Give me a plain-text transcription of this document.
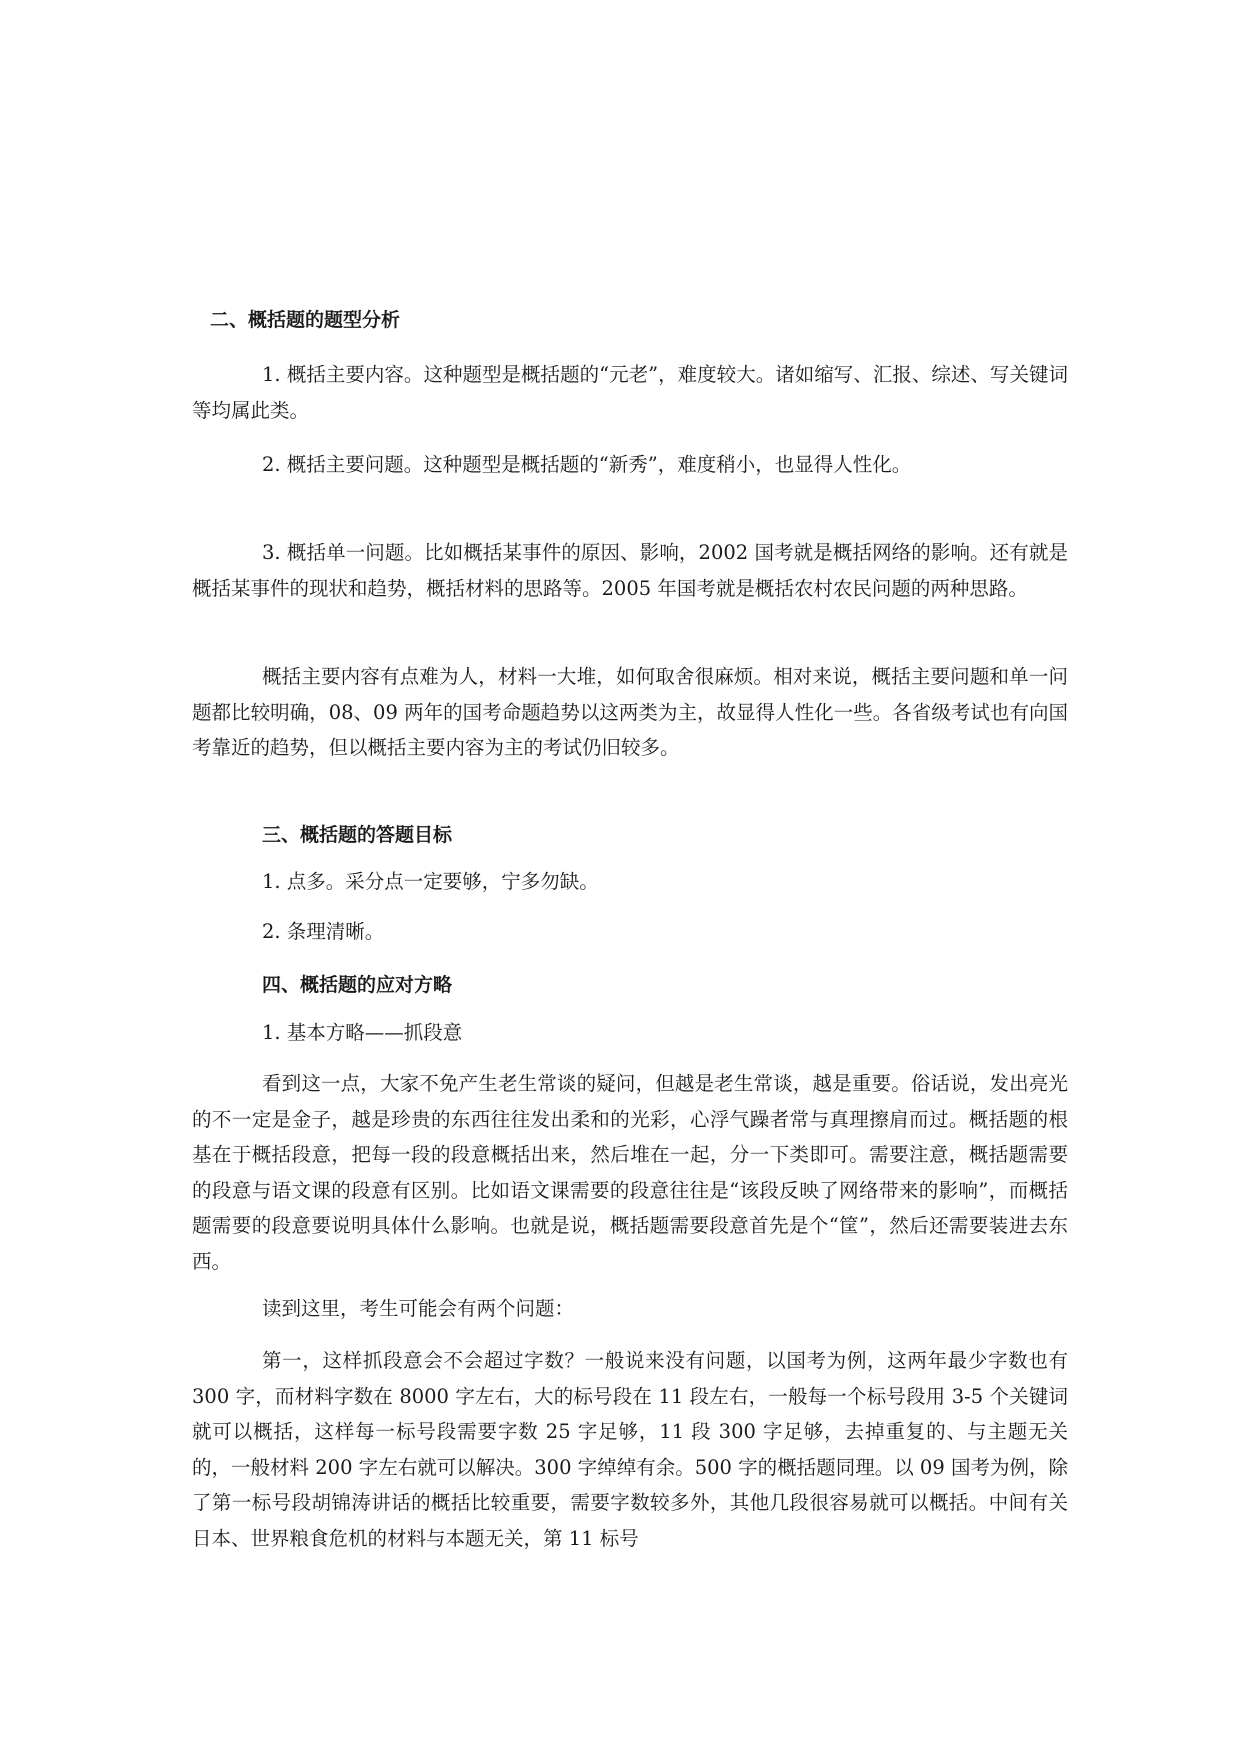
二、概括题的题型分析

1. 概括主要内容。这种题型是概括题的“元老”，难度较大。诸如缩写、汇报、综述、写关键词等均属此类。

2. 概括主要问题。这种题型是概括题的“新秀”，难度稍小，也显得人性化。

3. 概括单一问题。比如概括某事件的原因、影响，2002 国考就是概括网络的影响。还有就是概括某事件的现状和趋势，概括材料的思路等。2005 年国考就是概括农村农民问题的两种思路。

概括主要内容有点难为人，材料一大堆，如何取舍很麻烦。相对来说，概括主要问题和单一问题都比较明确，08、09 两年的国考命题趋势以这两类为主，故显得人性化一些。各省级考试也有向国考靠近的趋势，但以概括主要内容为主的考试仍旧较多。

三、概括题的答题目标

1. 点多。采分点一定要够，宁多勿缺。

2. 条理清晰。

四、概括题的应对方略

1. 基本方略——抓段意

看到这一点，大家不免产生老生常谈的疑问，但越是老生常谈，越是重要。俗话说，发出亮光的不一定是金子，越是珍贵的东西往往发出柔和的光彩，心浮气躁者常与真理擦肩而过。概括题的根基在于概括段意，把每一段的段意概括出来，然后堆在一起，分一下类即可。需要注意，概括题需要的段意与语文课的段意有区别。比如语文课需要的段意往往是“该段反映了网络带来的影响”，而概括题需要的段意要说明具体什么影响。也就是说，概括题需要段意首先是个“筐”，然后还需要装进去东西。

读到这里，考生可能会有两个问题：

第一，这样抓段意会不会超过字数？一般说来没有问题，以国考为例，这两年最少字数也有 300 字，而材料字数在 8000 字左右，大的标号段在 11 段左右，一般每一个标号段用 3-5 个关键词就可以概括，这样每一标号段需要字数 25 字足够，11 段 300 字足够，去掉重复的、与主题无关的，一般材料 200 字左右就可以解决。300 字绰绰有余。500 字的概括题同理。以 09 国考为例，除了第一标号段胡锦涛讲话的概括比较重要，需要字数较多外，其他几段很容易就可以概括。中间有关日本、世界粮食危机的材料与本题无关，第 11 标号
